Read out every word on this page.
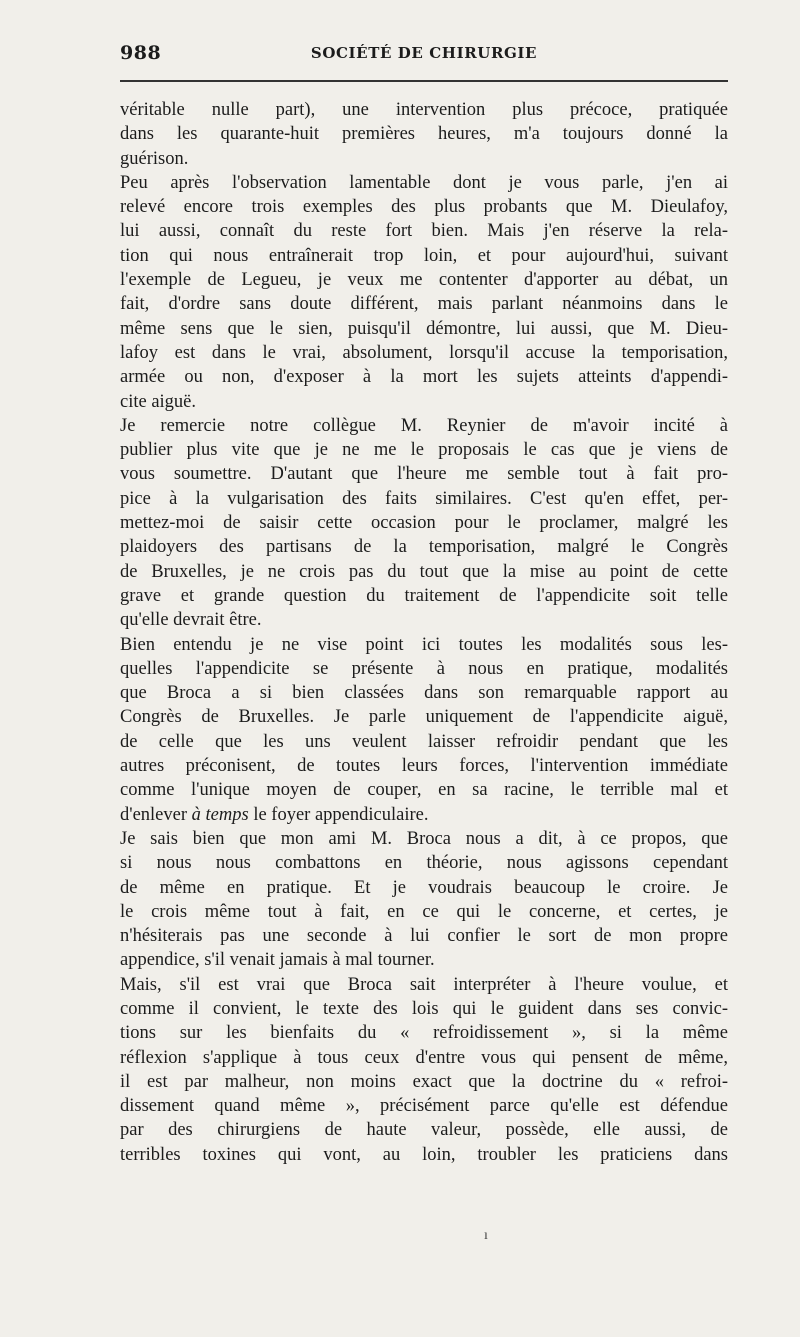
988	SOCIÉTÉ DE CHIRURGIE
véritable nulle part), une intervention plus précoce, pratiquée
dans les quarante-huit premières heures, m'a toujours donné la
guérison.
Peu après l'observation lamentable dont je vous parle, j'en ai
relevé encore trois exemples des plus probants que M. Dieulafoy,
lui aussi, connaît du reste fort bien. Mais j'en réserve la rela-
tion qui nous entraînerait trop loin, et pour aujourd'hui, suivant
l'exemple de Legueu, je veux me contenter d'apporter au débat, un
fait, d'ordre sans doute différent, mais parlant néanmoins dans le
même sens que le sien, puisqu'il démontre, lui aussi, que M. Dieu-
lafoy est dans le vrai, absolument, lorsqu'il accuse la temporisation,
armée ou non, d'exposer à la mort les sujets atteints d'appendi-
cite aiguë.
Je remercie notre collègue M. Reynier de m'avoir incité à
publier plus vite que je ne me le proposais le cas que je viens de
vous soumettre. D'autant que l'heure me semble tout à fait pro-
pice à la vulgarisation des faits similaires. C'est qu'en effet, per-
mettez-moi de saisir cette occasion pour le proclamer, malgré les
plaidoyers des partisans de la temporisation, malgré le Congrès
de Bruxelles, je ne crois pas du tout que la mise au point de cette
grave et grande question du traitement de l'appendicite soit telle
qu'elle devrait être.
Bien entendu je ne vise point ici toutes les modalités sous les-
quelles l'appendicite se présente à nous en pratique, modalités
que Broca a si bien classées dans son remarquable rapport au
Congrès de Bruxelles. Je parle uniquement de l'appendicite aiguë,
de celle que les uns veulent laisser refroidir pendant que les
autres préconisent, de toutes leurs forces, l'intervention immédiate
comme l'unique moyen de couper, en sa racine, le terrible mal et
d'enlever à temps le foyer appendiculaire.
Je sais bien que mon ami M. Broca nous a dit, à ce propos, que
si nous nous combattons en théorie, nous agissons cependant
de même en pratique. Et je voudrais beaucoup le croire. Je
le crois même tout à fait, en ce qui le concerne, et certes, je
n'hésiterais pas une seconde à lui confier le sort de mon propre
appendice, s'il venait jamais à mal tourner.
Mais, s'il est vrai que Broca sait interpréter à l'heure voulue, et
comme il convient, le texte des lois qui le guident dans ses convic-
tions sur les bienfaits du « refroidissement », si la même
réflexion s'applique à tous ceux d'entre vous qui pensent de même,
il est par malheur, non moins exact que la doctrine du « refroi-
dissement quand même », précisément parce qu'elle est défendue
par des chirurgiens de haute valeur, possède, elle aussi, de
terribles toxines qui vont, au loin, troubler les praticiens dans
ı
